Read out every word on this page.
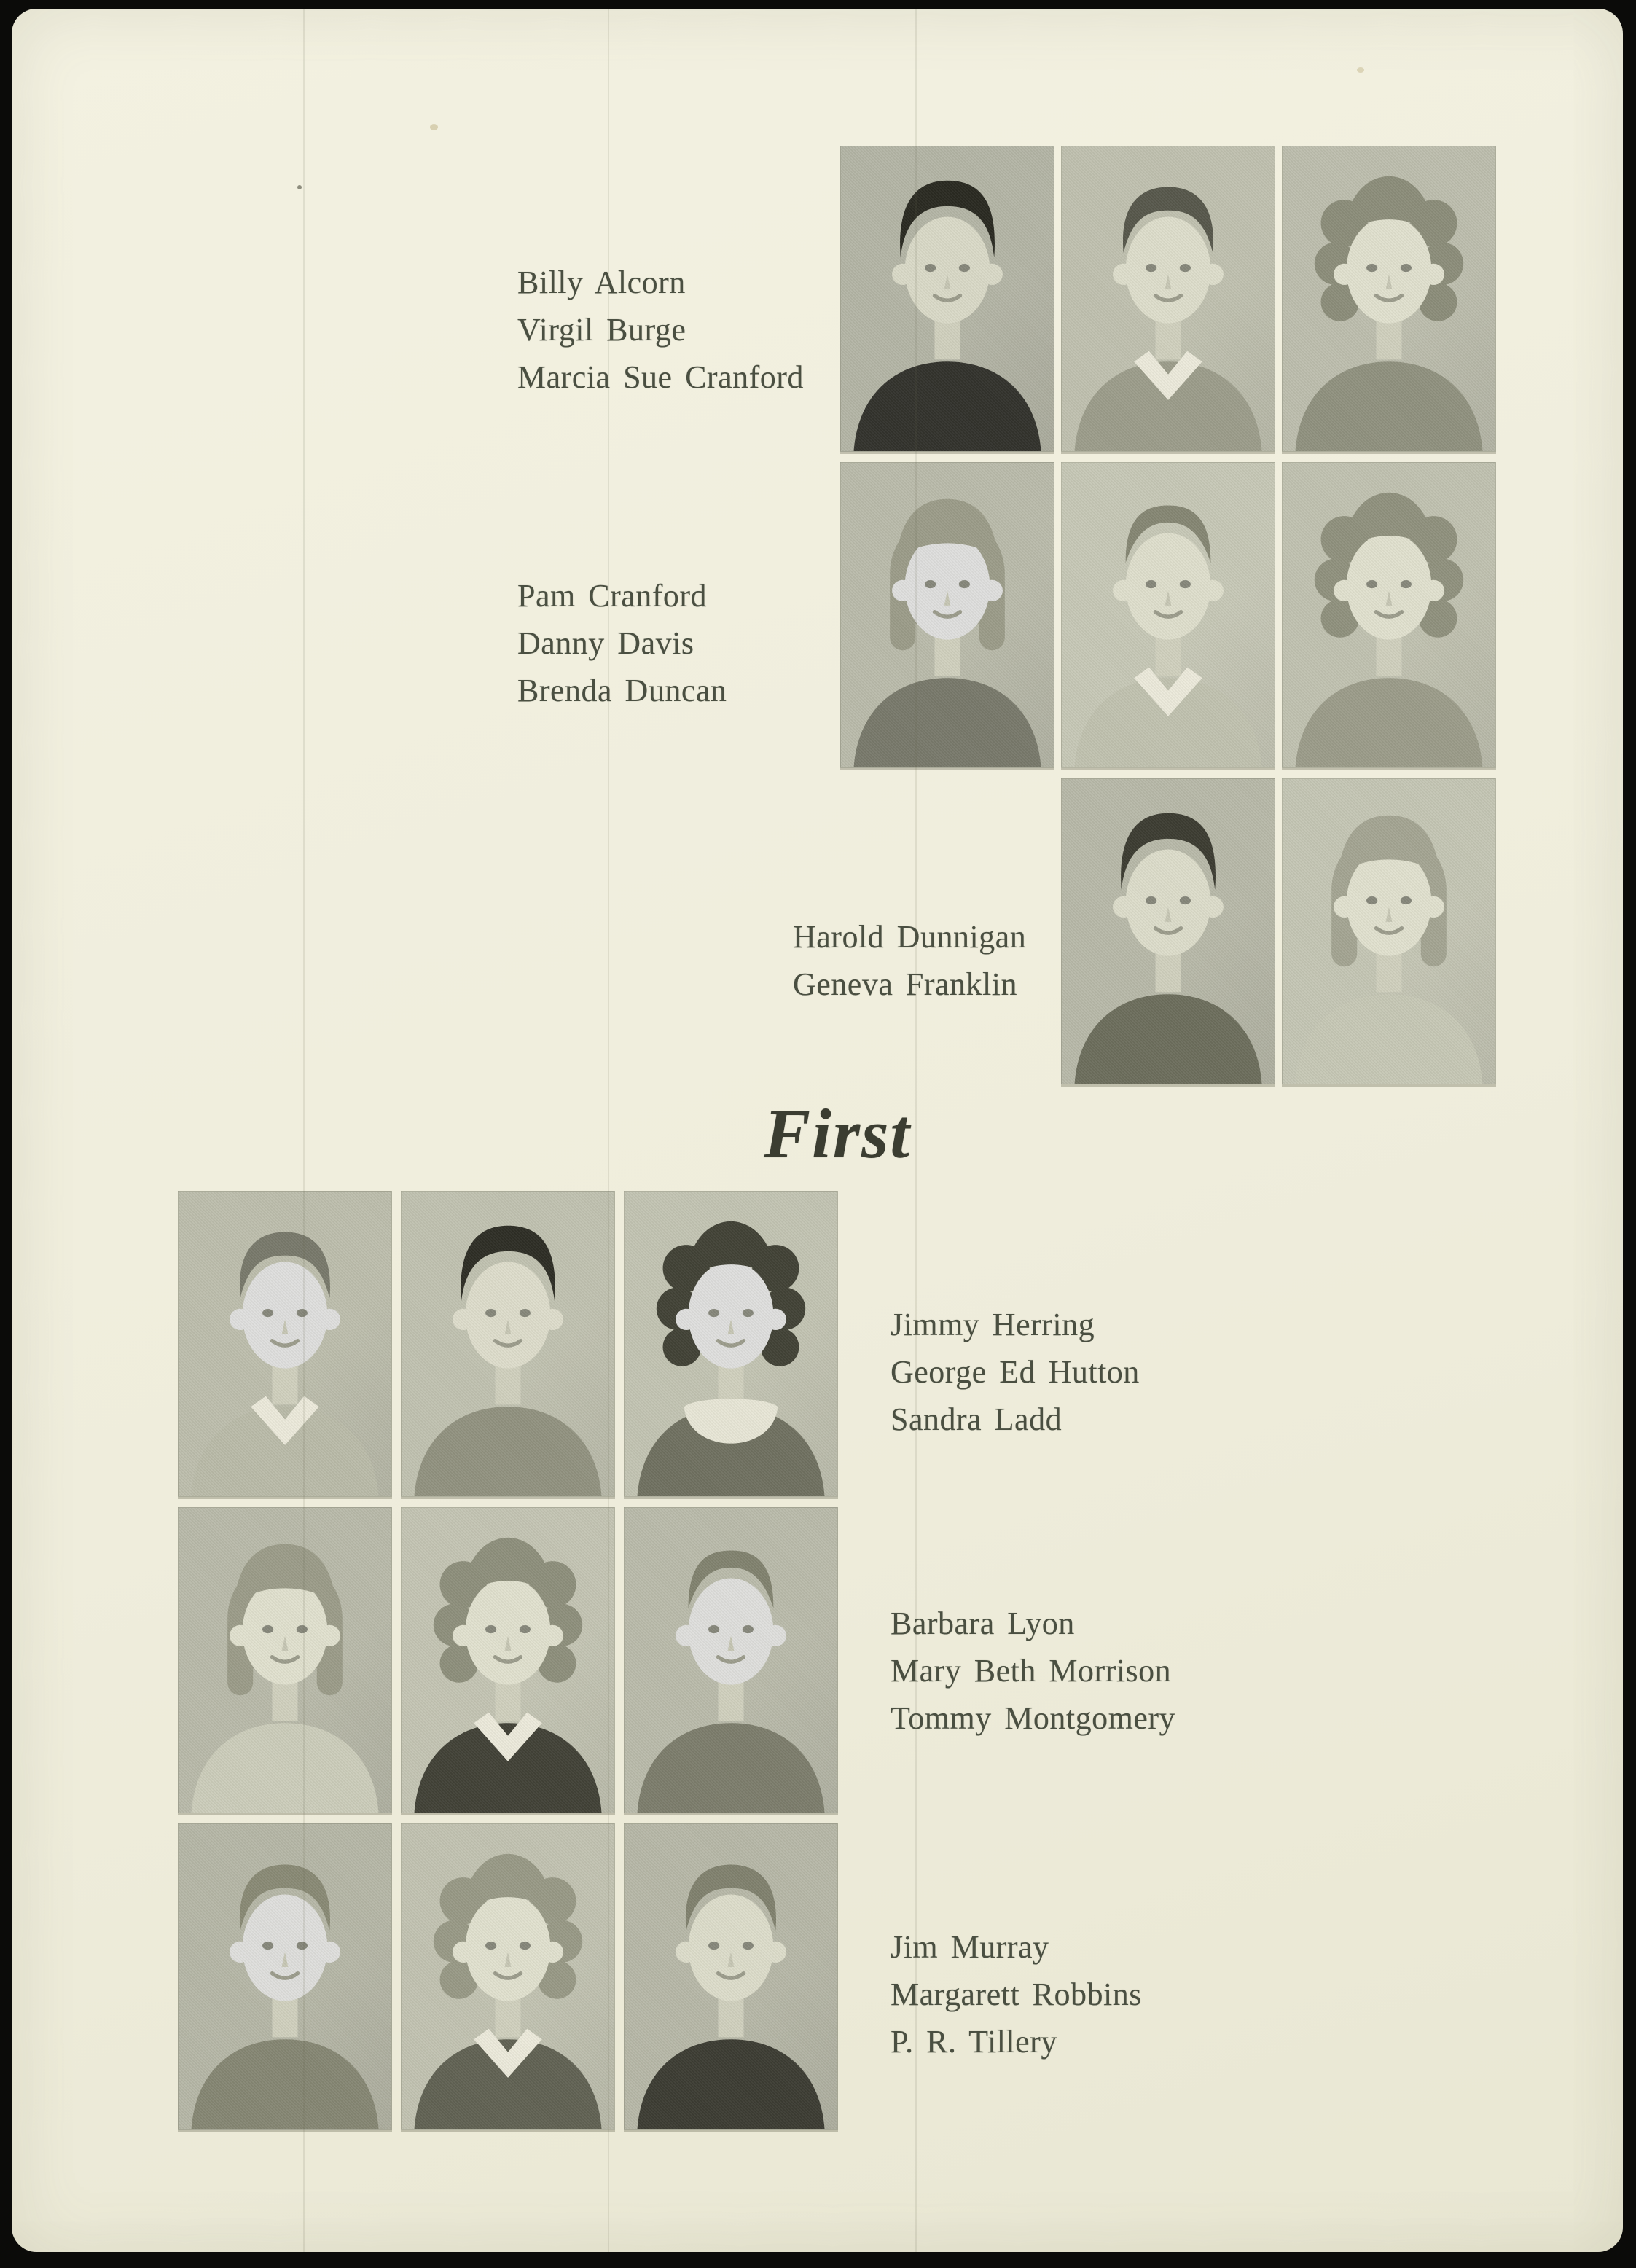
Billy Alcorn
Virgil Burge
Marcia Sue Cranford
Pam Cranford
Danny Davis
Brenda Duncan
Harold Dunnigan
Geneva Franklin
First
Jimmy Herring
George Ed Hutton
Sandra Ladd
Barbara Lyon
Mary Beth Morrison
Tommy Montgomery
Jim Murray
Margarett Robbins
P. R. Tillery
